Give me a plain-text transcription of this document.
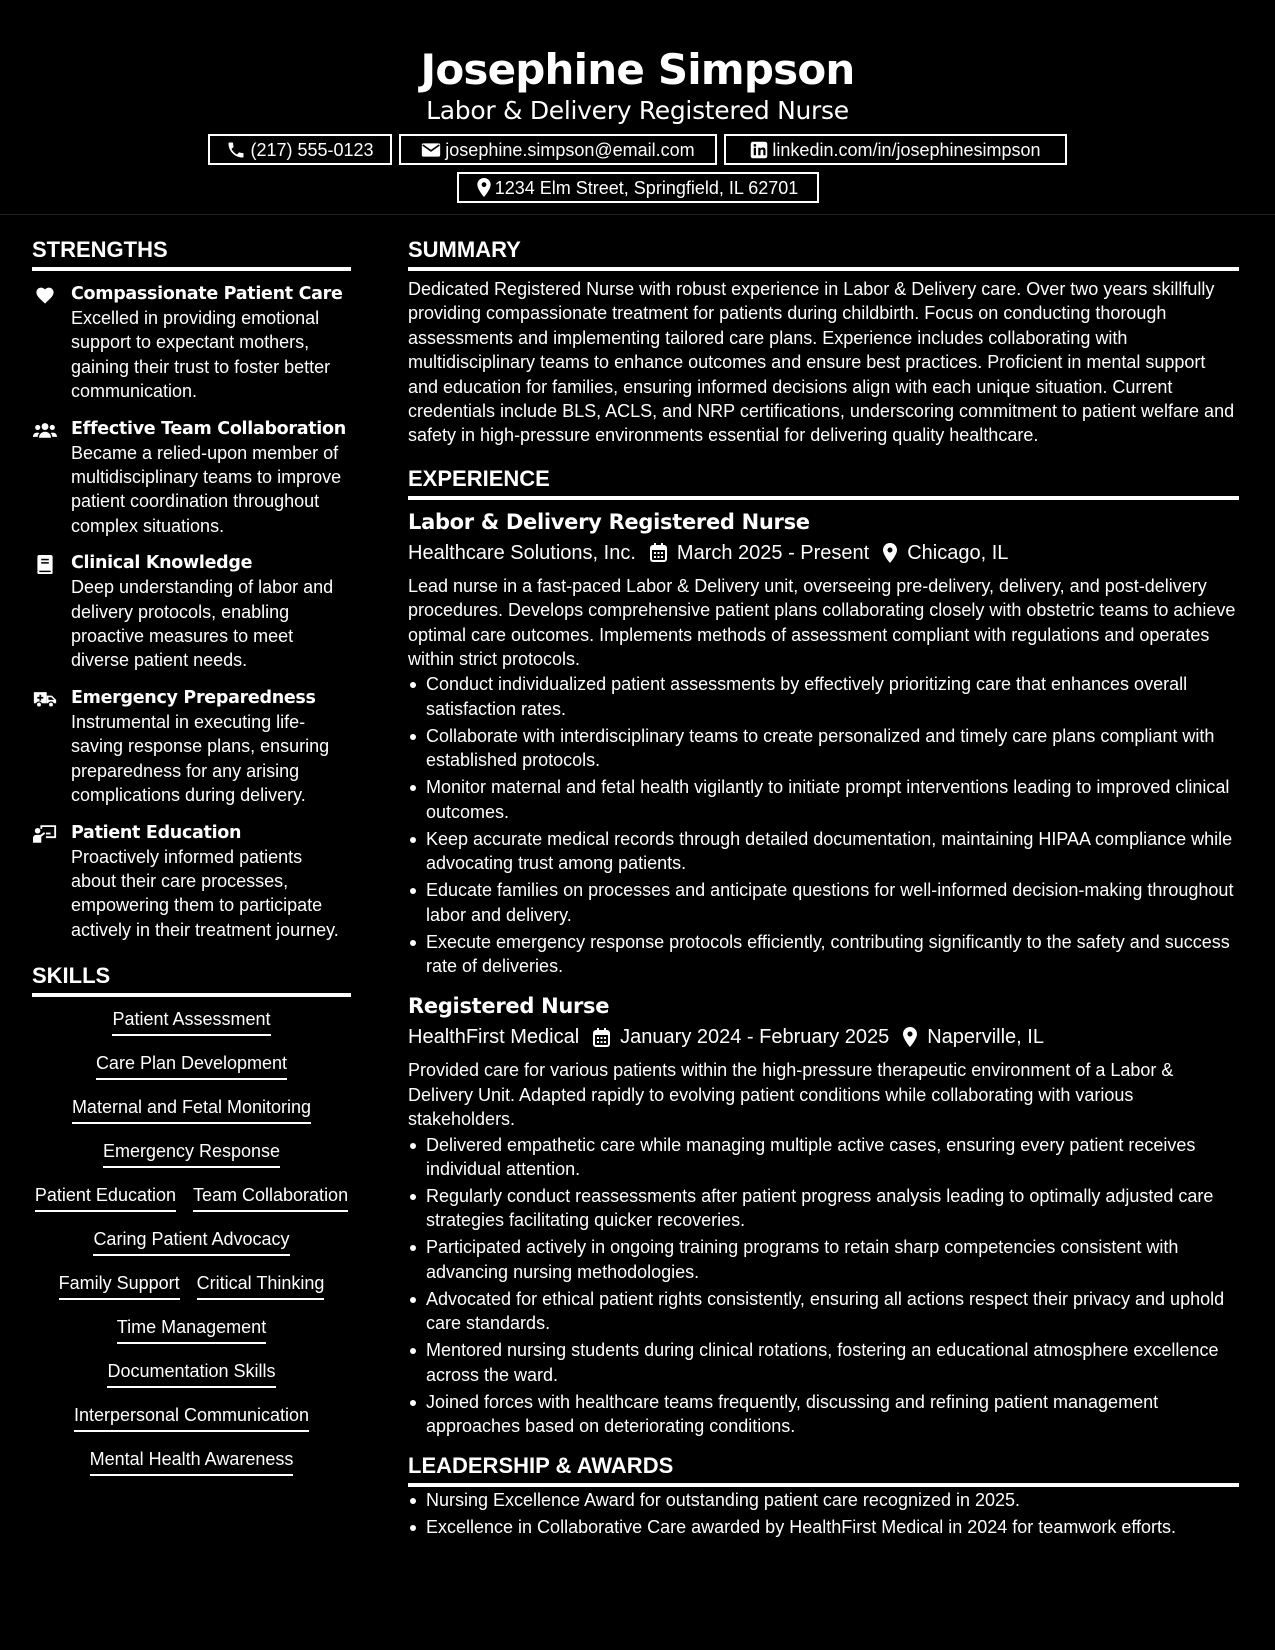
Josephine Simpson
Labor & Delivery Registered Nurse
(217) 555-0123	josephine.simpson@email.com	linkedin.com/in/josephinesimpson
1234 Elm Street, Springfield, IL 62701
STRENGTHS
Compassionate Patient Care
Excelled in providing emotional support to expectant mothers, gaining their trust to foster better communication.
Effective Team Collaboration
Became a relied-upon member of multidisciplinary teams to improve patient coordination throughout complex situations.
Clinical Knowledge
Deep understanding of labor and delivery protocols, enabling proactive measures to meet diverse patient needs.
Emergency Preparedness
Instrumental in executing life-saving response plans, ensuring preparedness for any arising complications during delivery.
Patient Education
Proactively informed patients about their care processes, empowering them to participate actively in their treatment journey.
SKILLS
Patient Assessment
Care Plan Development
Maternal and Fetal Monitoring
Emergency Response
Patient Education Team Collaboration
Caring Patient Advocacy
Family Support Critical Thinking
Time Management
Documentation Skills
Interpersonal Communication
Mental Health Awareness
SUMMARY

Dedicated Registered Nurse with robust experience in Labor & Delivery care. Over two years skillfully providing compassionate treatment for patients during childbirth. Focus on conducting thorough assessments and implementing tailored care plans. Experience includes collaborating with multidisciplinary teams to enhance outcomes and ensure best practices. Proficient in mental support and education for families, ensuring informed decisions align with each unique situation. Current credentials include BLS, ACLS, and NRP certifications, underscoring commitment to patient welfare and safety in high-pressure environments essential for delivering quality healthcare.

EXPERIENCE
Labor & Delivery Registered Nurse
Healthcare Solutions, Inc. March 2025 - Present Chicago, IL

Lead nurse in a fast-paced Labor & Delivery unit, overseeing pre-delivery, delivery, and post-delivery procedures. Develops comprehensive patient plans collaborating closely with obstetric teams to achieve optimal care outcomes. Implements methods of assessment compliant with regulations and operates within strict protocols.

Conduct individualized patient assessments by effectively prioritizing care that enhances overall satisfaction rates.
Collaborate with interdisciplinary teams to create personalized and timely care plans compliant with established protocols.
Monitor maternal and fetal health vigilantly to initiate prompt interventions leading to improved clinical outcomes.
Keep accurate medical records through detailed documentation, maintaining HIPAA compliance while advocating trust among patients.
Educate families on processes and anticipate questions for well-informed decision-making throughout labor and delivery.
Execute emergency response protocols efficiently, contributing significantly to the safety and success rate of deliveries.
Registered Nurse
HealthFirst Medical January 2024 - February 2025 Naperville, IL

Provided care for various patients within the high-pressure therapeutic environment of a Labor & Delivery Unit. Adapted rapidly to evolving patient conditions while collaborating with various stakeholders.

Delivered empathetic care while managing multiple active cases, ensuring every patient receives individual attention.
Regularly conduct reassessments after patient progress analysis leading to optimally adjusted care strategies facilitating quicker recoveries.
Participated actively in ongoing training programs to retain sharp competencies consistent with advancing nursing methodologies.
Advocated for ethical patient rights consistently, ensuring all actions respect their privacy and uphold care standards.
Mentored nursing students during clinical rotations, fostering an educational atmosphere excellence across the ward.
Joined forces with healthcare teams frequently, discussing and refining patient management approaches based on deteriorating conditions.
LEADERSHIP & AWARDS
Nursing Excellence Award for outstanding patient care recognized in 2025.
Excellence in Collaborative Care awarded by HealthFirst Medical in 2024 for teamwork efforts.
